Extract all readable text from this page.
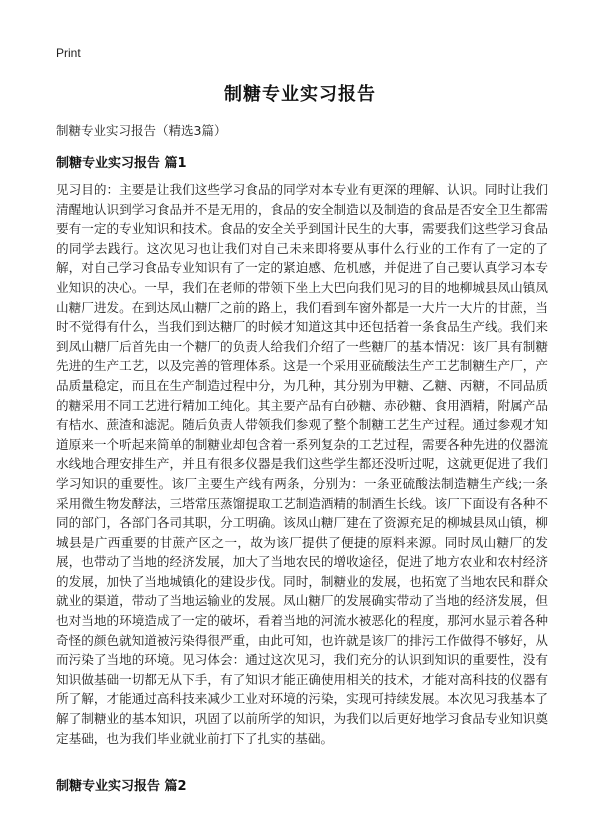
Print
制糖专业实习报告
制糖专业实习报告（精选3篇）
制糖专业实习报告 篇1

见习目的：主要是让我们这些学习食品的同学对本专业有更深的理解、认识。同时让我们清醒地认识到学习食品并不是无用的，食品的安全制造以及制造的食品是否安全卫生都需要有一定的专业知识和技术。食品的安全关乎到国计民生的大事，需要我们这些学习食品的同学去践行。这次见习也让我们对自己未来即将要从事什么行业的工作有了一定的了解，对自己学习食品专业知识有了一定的紧迫感、危机感，并促进了自己要认真学习本专业知识的决心。一早，我们在老师的带领下坐上大巴向我们见习的目的地柳城县凤山镇凤山糖厂进发。在到达凤山糖厂之前的路上，我们看到车窗外都是一大片一大片的甘蔗，当时不觉得有什么，当我们到达糖厂的时候才知道这其中还包括着一条食品生产线。我们来到凤山糖厂后首先由一个糖厂的负责人给我们介绍了一些糖厂的基本情况：该厂具有制糖先进的生产工艺，以及完善的管理体系。这是一个采用亚硫酸法生产工艺制糖生产厂，产品质量稳定，而且在生产制造过程中分，为几种，其分别为甲糖、乙糖、丙糖，不同品质的糖采用不同工艺进行精加工纯化。其主要产品有白砂糖、赤砂糖、食用酒精，附属产品有桔水、蔗渣和滤泥。随后负责人带领我们参观了整个制糖工艺生产过程。通过参观才知道原来一个听起来简单的制糖业却包含着一系列复杂的工艺过程，需要各种先进的仪器流水线地合理安排生产，并且有很多仪器是我们这些学生都还没听过呢，这就更促进了我们学习知识的重要性。该厂主要生产线有两条，分别为：一条亚硫酸法制造糖生产线;一条采用微生物发酵法，三塔常压蒸馏提取工艺制造酒精的制酒生长线。该厂下面设有各种不同的部门，各部门各司其职，分工明确。该凤山糖厂建在了资源充足的柳城县凤山镇，柳城县是广西重要的甘蔗产区之一，故为该厂提供了便捷的原料来源。同时凤山糖厂的发展，也带动了当地的经济发展，加大了当地农民的增收途径，促进了地方农业和农村经济的发展，加快了当地城镇化的建设步伐。同时，制糖业的发展，也拓宽了当地农民和群众就业的渠道，带动了当地运输业的发展。凤山糖厂的发展确实带动了当地的经济发展，但也对当地的环境造成了一定的破坏，看着当地的河流水被恶化的程度，那河水显示着各种奇怪的颜色就知道被污染得很严重，由此可知，也许就是该厂的排污工作做得不够好，从而污染了当地的环境。见习体会：通过这次见习，我们充分的认识到知识的重要性，没有知识做基础一切都无从下手，有了知识才能正确使用相关的技术，才能对高科技的仪器有所了解，才能通过高科技来减少工业对环境的污染，实现可持续发展。本次见习我基本了解了制糖业的基本知识，巩固了以前所学的知识，为我们以后更好地学习食品专业知识奠定基础，也为我们毕业就业前打下了扎实的基础。

制糖专业实习报告 篇2
